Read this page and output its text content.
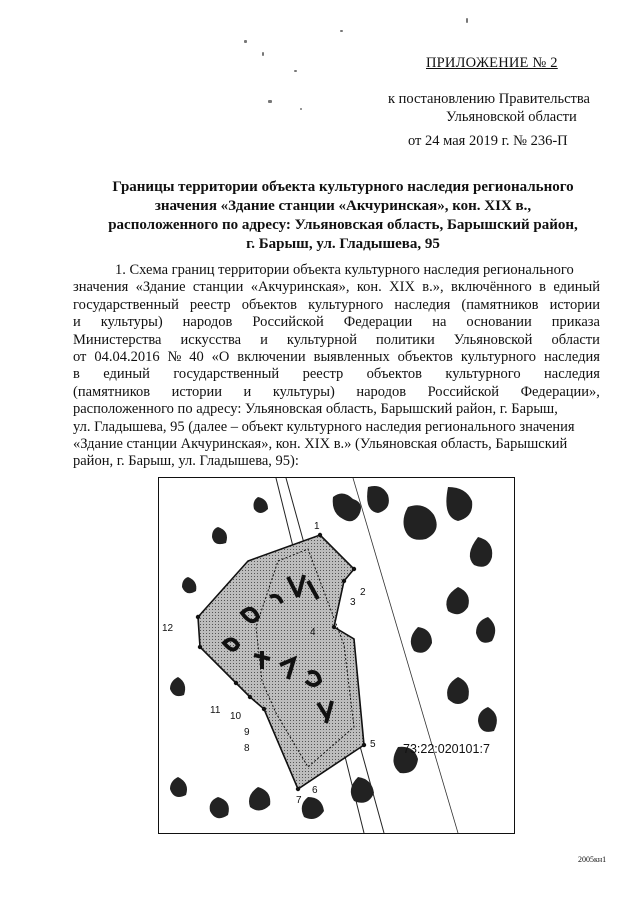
ПРИЛОЖЕНИЕ № 2
к постановлению Правительства
Ульяновской области
от 24 мая 2019 г. № 236-П
Границы территории объекта культурного наследия регионального
значения «Здание станции «Акчуринская», кон. XIX в.,
расположенного по адресу: Ульяновская область, Барышский район,
г. Барыш, ул. Гладышева, 95
1. Схема границ территории объекта культурного наследия регионального
значения «Здание станции «Акчуринская», кон. XIX в.», включённого в единый
государственный реестр объектов культурного наследия (памятников истории
и культуры) народов Российской Федерации на основании приказа
Министерства искусства и культурной политики Ульяновской области
от 04.04.2016 № 40 «О включении выявленных объектов культурного наследия
в единый государственный реестр объектов культурного наследия
(памятников истории и культуры) народов Российской Федерации»,
расположенного по адресу: Ульяновская область, Барышский район, г. Барыш,
ул. Гладышева, 95 (далее – объект культурного наследия регионального значения
«Здание станции Акчуринская», кон. XIX в.» (Ульяновская область, Барышский
район, г. Барыш, ул. Гладышева, 95):
1
2
3
4
5
6
7
8
9
10
11
12
73:22:020101:7
2005кн1
